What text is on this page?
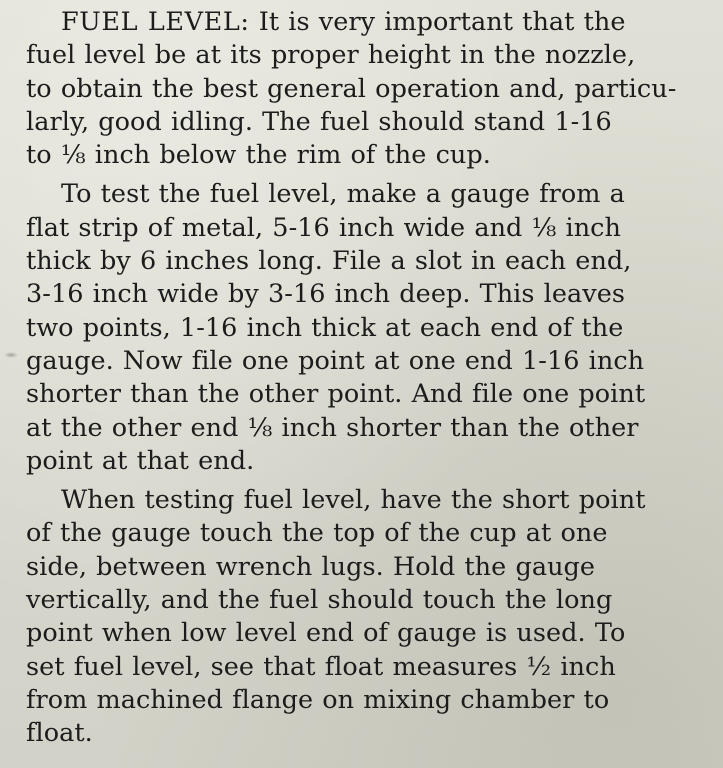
FUEL LEVEL: It is very important that the
fuel level be at its proper height in the nozzle,
to obtain the best general operation and, particu-
larly, good idling. The fuel should stand 1-16
to ⅛ inch below the rim of the cup.
To test the fuel level, make a gauge from a
flat strip of metal, 5-16 inch wide and ⅛ inch
thick by 6 inches long. File a slot in each end,
3-16 inch wide by 3-16 inch deep. This leaves
two points, 1-16 inch thick at each end of the
gauge. Now file one point at one end 1-16 inch
shorter than the other point. And file one point
at the other end ⅛ inch shorter than the other
point at that end.
When testing fuel level, have the short point
of the gauge touch the top of the cup at one
side, between wrench lugs. Hold the gauge
vertically, and the fuel should touch the long
point when low level end of gauge is used. To
set fuel level, see that float measures ½ inch
from machined flange on mixing chamber to
float.
